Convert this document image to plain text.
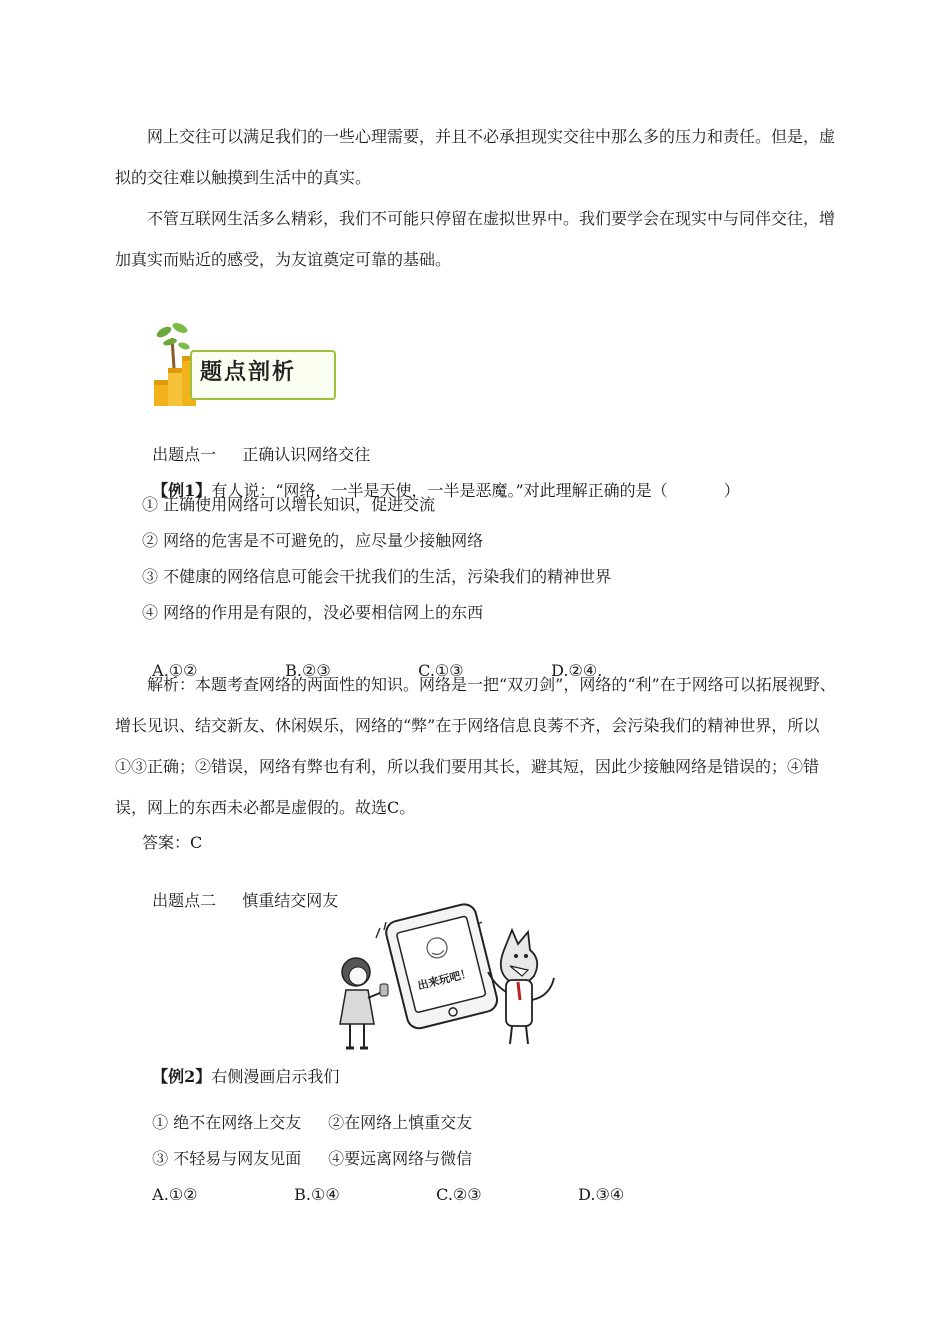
网上交往可以满足我们的一些心理需要，并且不必承担现实交往中那么多的压力和责任。但是，虚拟的交往难以触摸到生活中的真实。

不管互联网生活多么精彩，我们不可能只停留在虚拟世界中。我们要学会在现实中与同伴交往，增加真实而贴近的感受，为友谊奠定可靠的基础。

题点剖析

出题点一 正确认识网络交往

【例1】有人说：“网络，一半是天使，一半是恶魔。”对此理解正确的是（	）

① 正确使用网络可以增长知识，促进交流
② 网络的危害是不可避免的，应尽量少接触网络
③ 不健康的网络信息可能会干扰我们的生活，污染我们的精神世界
④ 网络的作用是有限的，没必要相信网上的东西

A.①②	B.②③	C.①③	D.②④.

解析：本题考查网络的两面性的知识。网络是一把“双刃剑”，网络的“利”在于网络可以拓展视野、增长见识、结交新友、休闲娱乐，网络的“弊”在于网络信息良莠不齐，会污染我们的精神世界，所以①③正确；②错误，网络有弊也有利，所以我们要用其长，避其短，因此少接触网络是错误的；④错误，网上的东西未必都是虚假的。故选C。

答案：C

出题点二 慎重结交网友

出来玩吧！

【例2】右侧漫画启示我们

① 绝不在网络上交友 ②在网络上慎重交友

③ 不轻易与网友见面 ④要远离网络与微信

A.①②	B.①④	C.②③	D.③④
